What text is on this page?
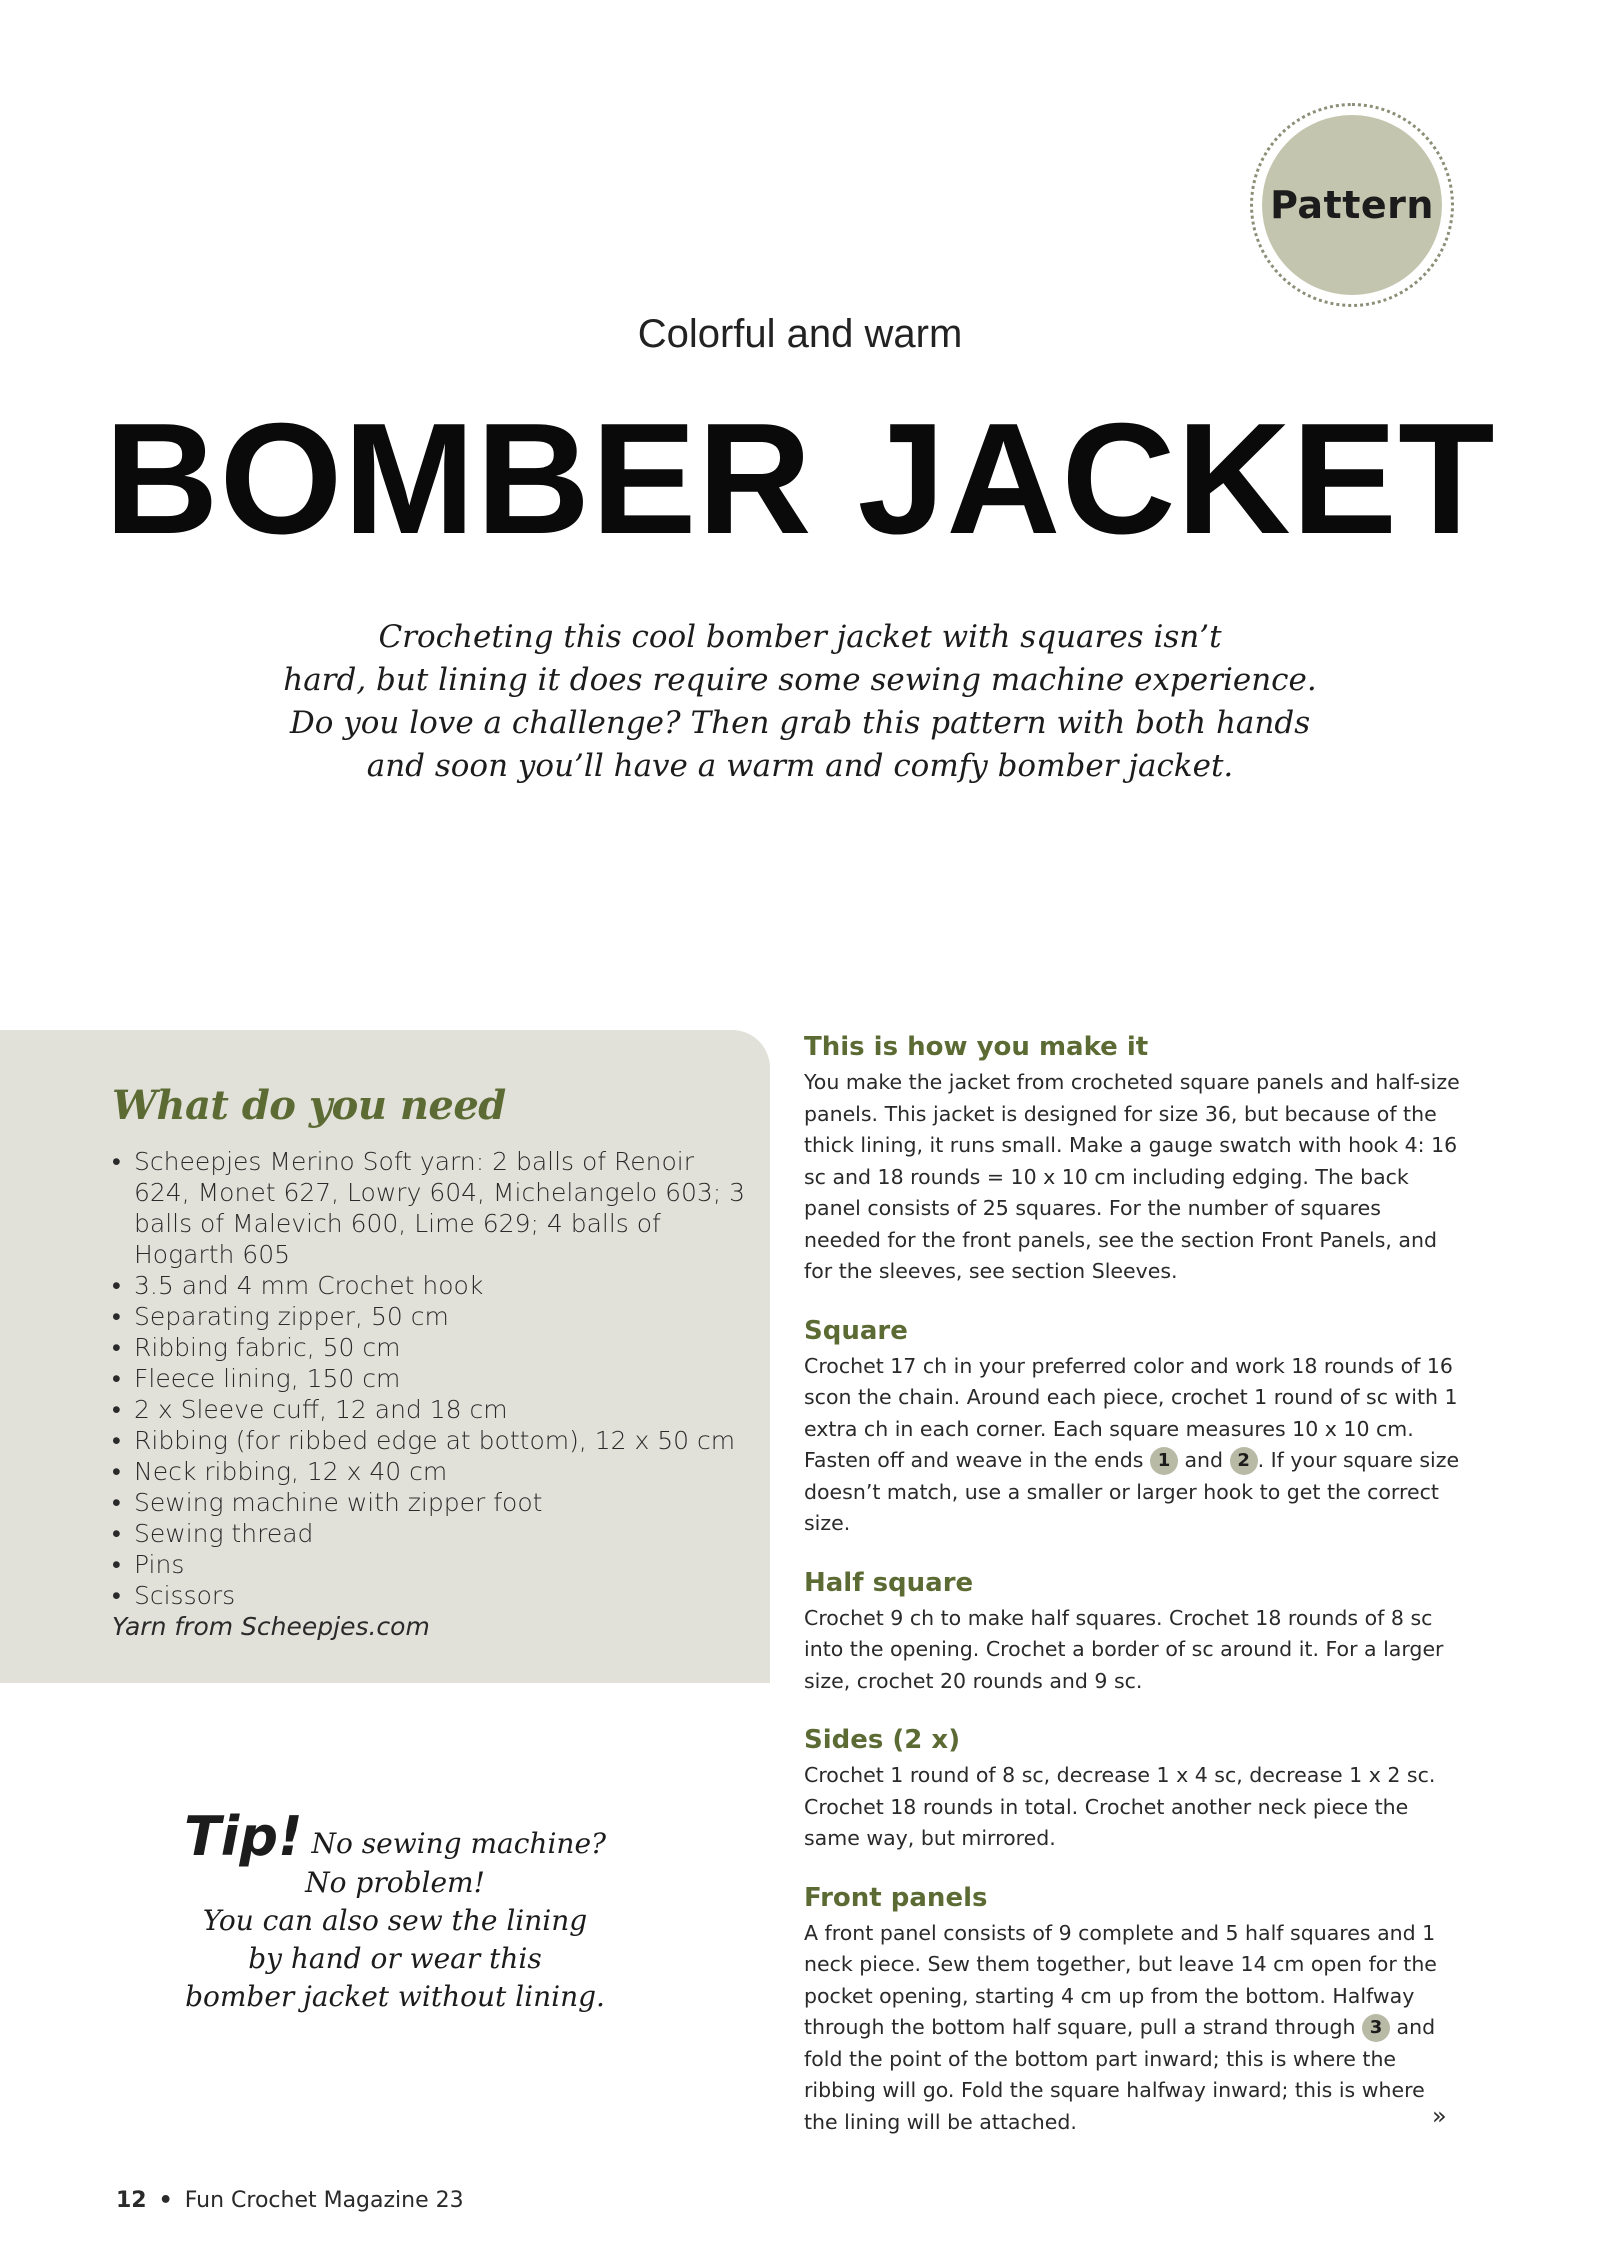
Pattern
Colorful and warm
BOMBER JACKET
Crocheting this cool bomber jacket with squares isn’t
hard, but lining it does require some sewing machine experience.
Do you love a challenge? Then grab this pattern with both hands
and soon you’ll have a warm and comfy bomber jacket.
What do you need
• Scheepjes Merino Soft yarn: 2 balls of Renoir 624, Monet 627, Lowry 604, Michelangelo 603; 3 balls of Malevich 600, Lime 629; 4 balls of Hogarth 605
• 3.5 and 4 mm Crochet hook
• Separating zipper, 50 cm
• Ribbing fabric, 50 cm
• Fleece lining, 150 cm
• 2 x Sleeve cuff, 12 and 18 cm
• Ribbing (for ribbed edge at bottom), 12 x 50 cm
• Neck ribbing, 12 x 40 cm
• Sewing machine with zipper foot
• Sewing thread
• Pins
• Scissors
Yarn from Scheepjes.com
Tip! No sewing machine?
No problem!
You can also sew the lining
by hand or wear this
bomber jacket without lining.
This is how you make it

You make the jacket from crocheted square panels and half-size panels. This jacket is designed for size 36, but because of the thick lining, it runs small. Make a gauge swatch with hook 4: 16 sc and 18 rounds = 10 x 10 cm including edging. The back panel consists of 25 squares. For the number of squares needed for the front panels, see the section Front Panels, and for the sleeves, see section Sleeves.

Square

Crochet 17 ch in your preferred color and work 18 rounds of 16 scon the chain. Around each piece, crochet 1 round of sc with 1 extra ch in each corner. Each square measures 10 x 10 cm. Fasten off and weave in the ends 1 and 2 . If your square size doesn’t match, use a smaller or larger hook to get the correct size.

Half square

Crochet 9 ch to make half squares. Crochet 18 rounds of 8 sc into the opening. Crochet a border of sc around it. For a larger size, crochet 20 rounds and 9 sc.

Sides (2 x)

Crochet 1 round of 8 sc, decrease 1 x 4 sc, decrease 1 x 2 sc. Crochet 18 rounds in total. Crochet another neck piece the same way, but mirrored.

Front panels

A front panel consists of 9 complete and 5 half squares and 1 neck piece. Sew them together, but leave 14 cm open for the pocket opening, starting 4 cm up from the bottom. Halfway through the bottom half square, pull a strand through 3 and fold the point of the bottom part inward; this is where the ribbing will go. Fold the square halfway inward; this is where the lining will be attached.	»
12 • Fun Crochet Magazine 23
